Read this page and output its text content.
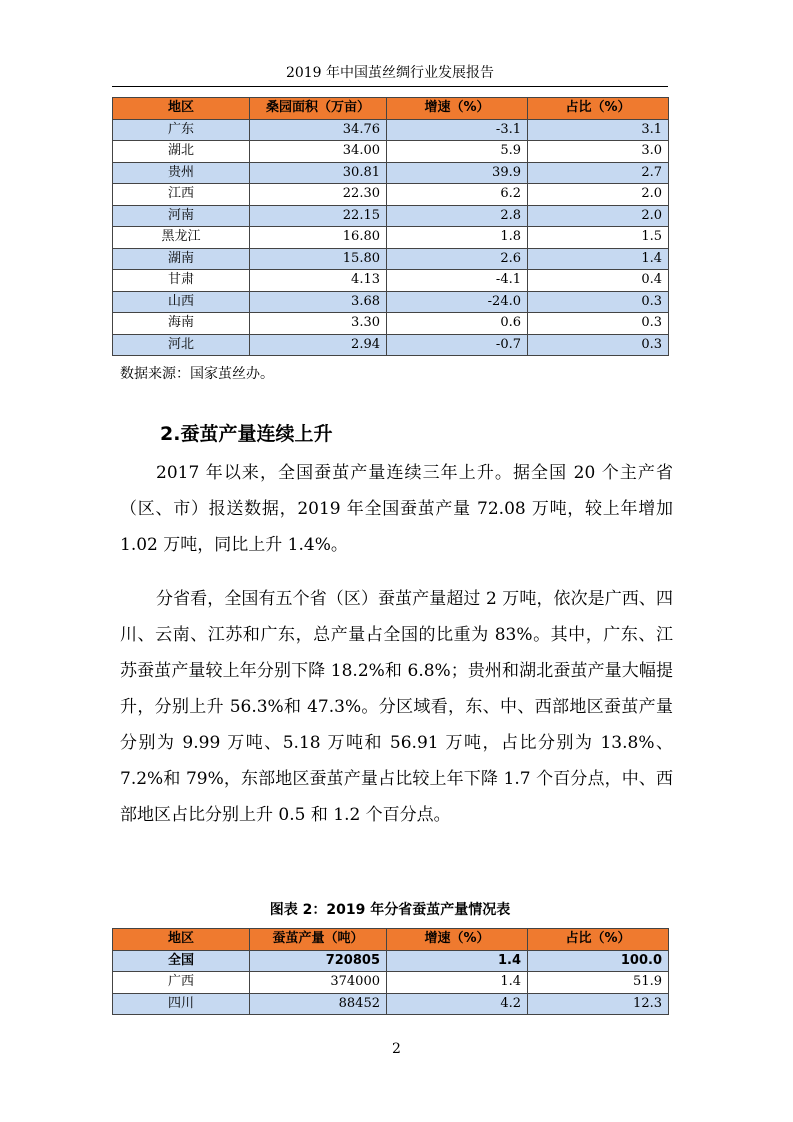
2019 年中国茧丝绸行业发展报告
地区	桑园面积（万亩）	增速（%）	占比（%）
广东	34.76	-3.1	3.1
湖北	34.00	5.9	3.0
贵州	30.81	39.9	2.7
江西	22.30	6.2	2.0
河南	22.15	2.8	2.0
黑龙江	16.80	1.8	1.5
湖南	15.80	2.6	1.4
甘肃	4.13	-4.1	0.4
山西	3.68	-24.0	0.3
海南	3.30	0.6	0.3
河北	2.94	-0.7	0.3
数据来源：国家茧丝办。
2.蚕茧产量连续上升

2017 年以来，全国蚕茧产量连续三年上升。据全国 20 个主产省（区、市）报送数据，2019 年全国蚕茧产量 72.08 万吨，较上年增加 1.02 万吨，同比上升 1.4%。

分省看，全国有五个省（区）蚕茧产量超过 2 万吨，依次是广西、四川、云南、江苏和广东，总产量占全国的比重为 83%。其中，广东、江苏蚕茧产量较上年分别下降 18.2%和 6.8%；贵州和湖北蚕茧产量大幅提升，分别上升 56.3%和 47.3%。分区域看，东、中、西部地区蚕茧产量分别为 9.99 万吨、5.18 万吨和 56.91 万吨，占比分别为 13.8%、7.2%和 79%，东部地区蚕茧产量占比较上年下降 1.7 个百分点，中、西部地区占比分别上升 0.5 和 1.2 个百分点。

图表 2：2019 年分省蚕茧产量情况表
地区	蚕茧产量（吨）	增速（%）	占比（%）
全国	720805	1.4	100.0
广西	374000	1.4	51.9
四川	88452	4.2	12.3
2
